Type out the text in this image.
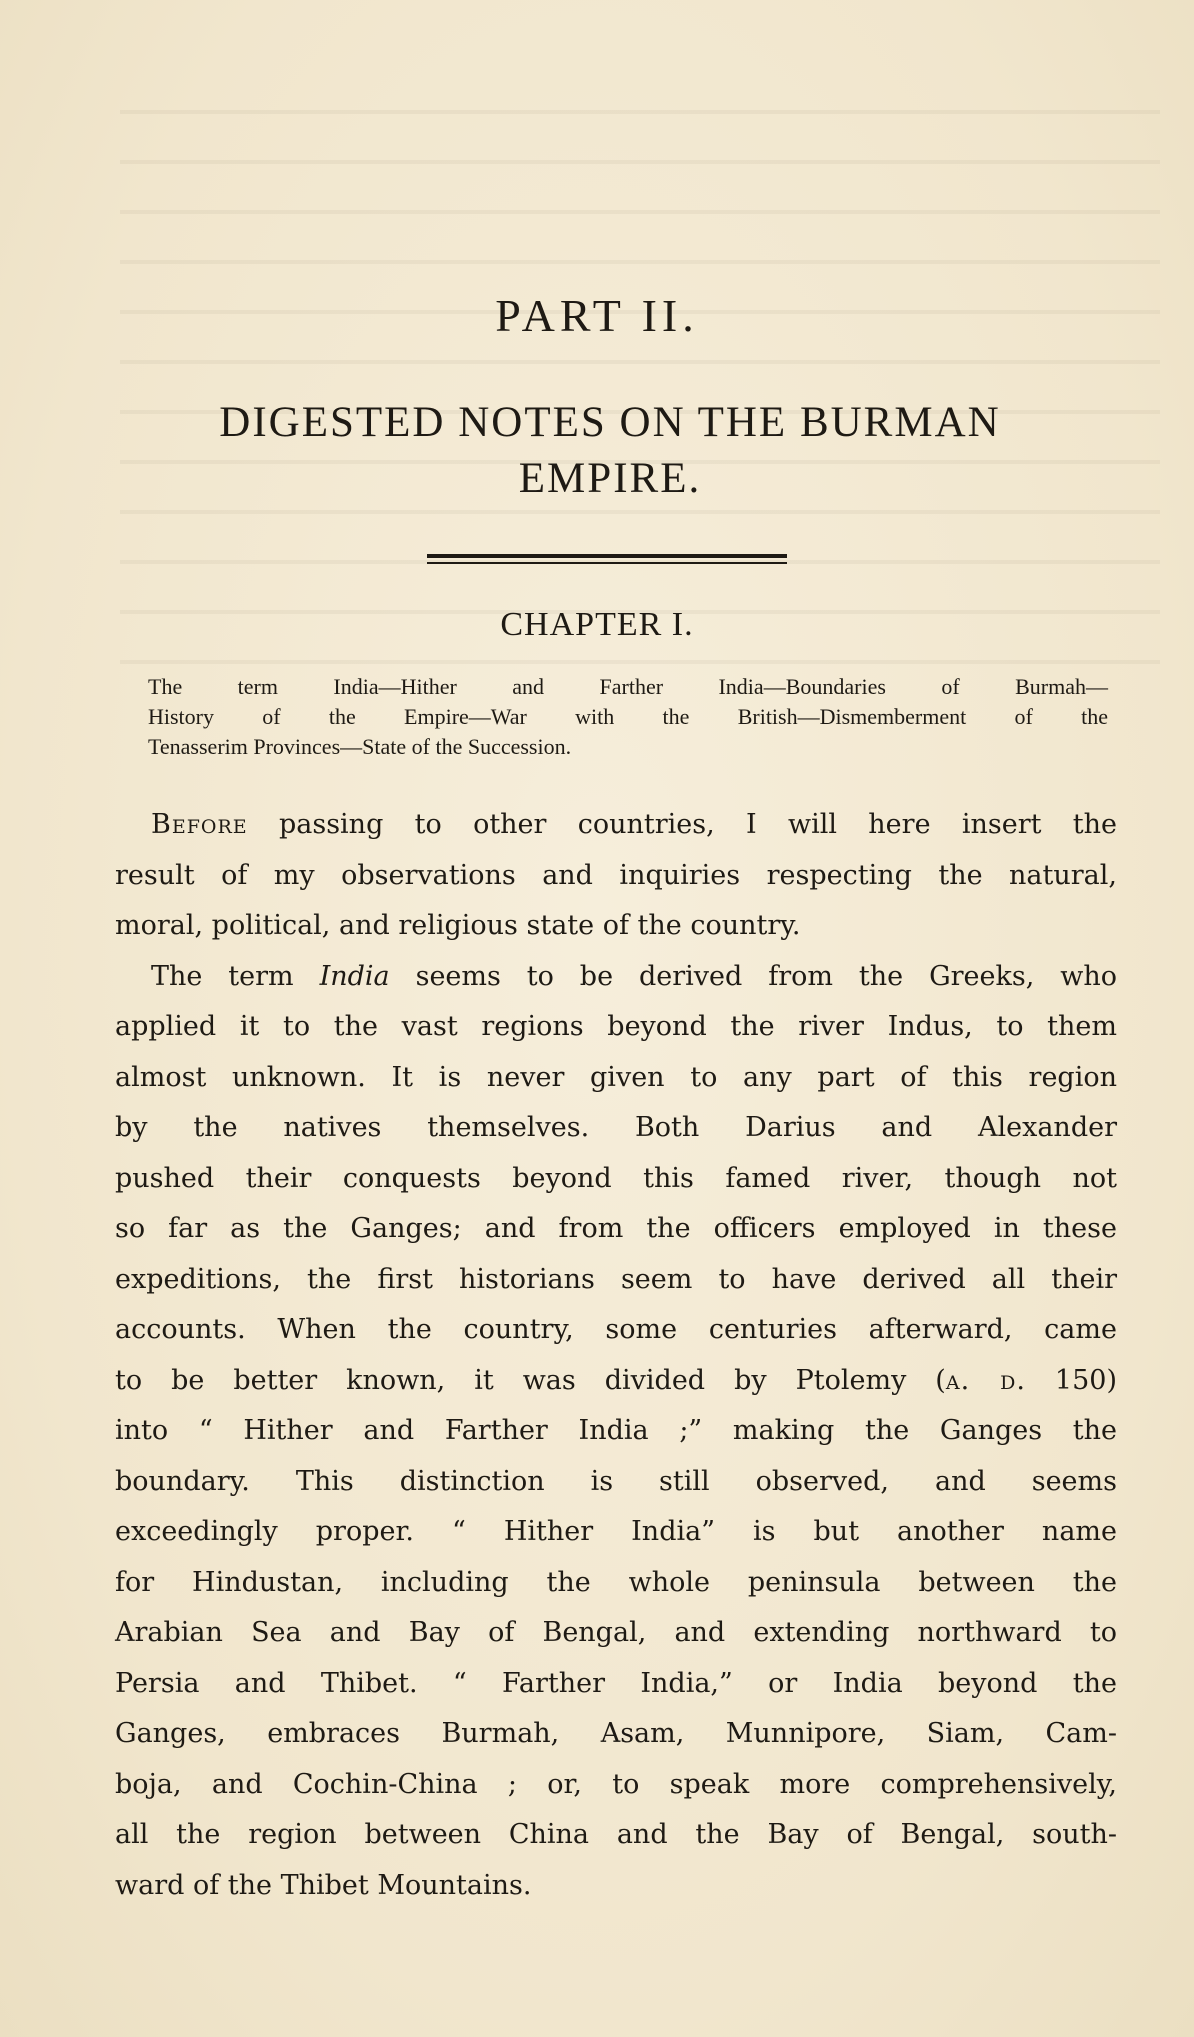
PART II.
DIGESTED NOTES ON THE BURMAN EMPIRE.
CHAPTER I.
The term India—Hither and Farther India—Boundaries of Burmah—
History of the Empire—War with the British—Dismemberment of the
Tenasserim Provinces—State of the Succession.
Before passing to other countries, I will here insert the
result of my observations and inquiries respecting the natural,
moral, political, and religious state of the country.
The term India seems to be derived from the Greeks, who
applied it to the vast regions beyond the river Indus, to them
almost unknown. It is never given to any part of this region
by the natives themselves. Both Darius and Alexander
pushed their conquests beyond this famed river, though not
so far as the Ganges; and from the officers employed in these
expeditions, the first historians seem to have derived all their
accounts. When the country, some centuries afterward, came
to be better known, it was divided by Ptolemy (a. d. 150)
into “ Hither and Farther India ;” making the Ganges the
boundary. This distinction is still observed, and seems
exceedingly proper. “ Hither India” is but another name
for Hindustan, including the whole peninsula between the
Arabian Sea and Bay of Bengal, and extending northward to
Persia and Thibet. “ Farther India,” or India beyond the
Ganges, embraces Burmah, Asam, Munnipore, Siam, Cam-
boja, and Cochin-China ; or, to speak more comprehensively,
all the region between China and the Bay of Bengal, south-
ward of the Thibet Mountains.
